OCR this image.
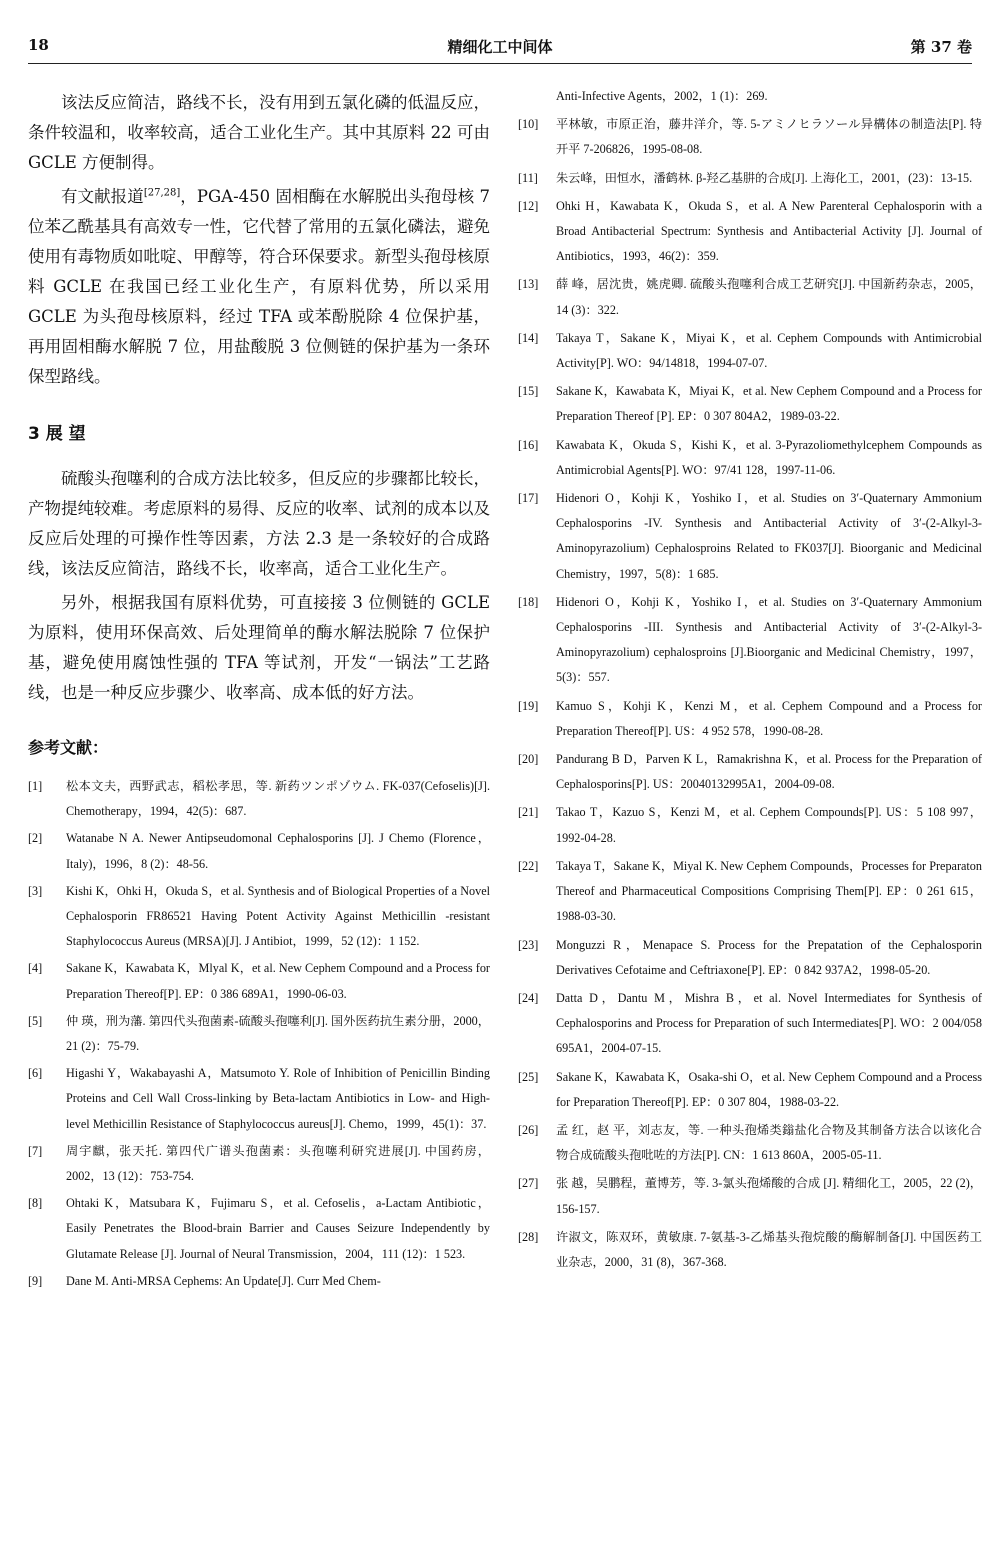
18	精细化工中间体	第 37 卷

该法反应简洁，路线不长，没有用到五氯化磷的低温反应，条件较温和，收率较高，适合工业化生产。其中其原料 22 可由 GCLE 方便制得。

有文献报道[27,28]，PGA-450 固相酶在水解脱出头孢母核 7 位苯乙酰基具有高效专一性，它代替了常用的五氯化磷法，避免使用有毒物质如吡啶、甲醇等，符合环保要求。新型头孢母核原料 GCLE 在我国已经工业化生产，有原料优势，所以采用 GCLE 为头孢母核原料，经过 TFA 或苯酚脱除 4 位保护基，再用固相酶水解脱 7 位，用盐酸脱 3 位侧链的保护基为一条环保型路线。

3 展 望

硫酸头孢噻利的合成方法比较多，但反应的步骤都比较长，产物提纯较难。考虑原料的易得、反应的收率、试剂的成本以及反应后处理的可操作性等因素，方法 2.3 是一条较好的合成路线，该法反应简洁，路线不长，收率高，适合工业化生产。

另外，根据我国有原料优势，可直接接 3 位侧链的 GCLE 为原料，使用环保高效、后处理简单的酶水解法脱除 7 位保护基，避免使用腐蚀性强的 TFA 等试剂，开发“一锅法”工艺路线，也是一种反应步骤少、收率高、成本低的好方法。

参考文献：

[1]	松本文夫，西野武志，稻松孝思，等. 新药ツンポゾウム. FK-037(Cefoselis)[J]. Chemotherapy，1994，42(5)：687.

[2]	Watanabe N A. Newer Antipseudomonal Cephalosporins [J]. J Chemo (Florence，Italy)，1996，8 (2)：48-56.

[3]	Kishi K，Ohki H，Okuda S，et al. Synthesis and of Biological Properties of a Novel Cephalosporin FR86521 Having Potent Activity Against Methicillin -resistant Staphylococcus Aureus (MRSA)[J]. J Antibiot，1999，52 (12)：1 152.

[4]	Sakane K，Kawabata K，Mlyal K，et al. New Cephem Compound and a Process for Preparation Thereof[P]. EP：0 386 689A1，1990-06-03.

[5]	仲 瑛，刑为藩. 第四代头孢菌素-硫酸头孢噻利[J]. 国外医药抗生素分册，2000，21 (2)：75-79.

[6]	Higashi Y，Wakabayashi A，Matsumoto Y. Role of Inhibition of Penicillin Binding Proteins and Cell Wall Cross-linking by Beta-lactam Antibiotics in Low- and High-level Methicillin Resistance of Staphylococcus aureus[J]. Chemo，1999，45(1)：37.

[7]	周宇麒，张天托. 第四代广谱头孢菌素：头孢噻利研究进展[J]. 中国药房，2002，13 (12)：753-754.

[8]	Ohtaki K，Matsubara K，Fujimaru S，et al. Cefoselis，a-Lactam Antibiotic，Easily Penetrates the Blood-brain Barrier and Causes Seizure Independently by Glutamate Release [J]. Journal of Neural Transmission，2004，111 (12)：1 523.

[9]	Dane M. Anti-MRSA Cephems: An Update[J]. Curr Med Chem-

Anti-Infective Agents，2002，1 (1)：269.

[10]	平林敏，市原正治，藤井洋介，等. 5-アミノヒラソール异構体の制造法[P]. 特开平 7-206826，1995-08-08.

[11]	朱云峰，田恒水，潘鹤林. β-羟乙基肼的合成[J]. 上海化工，2001，(23)：13-15.

[12]	Ohki H，Kawabata K，Okuda S，et al. A New Parenteral Cephalosporin with a Broad Antibacterial Spectrum: Synthesis and Antibacterial Activity [J]. Journal of Antibiotics，1993，46(2)：359.

[13]	薛 峰，居沈贵，姚虎卿. 硫酸头孢噻利合成工艺研究[J]. 中国新药杂志，2005，14 (3)：322.

[14]	Takaya T，Sakane K，Miyai K，et al. Cephem Compounds with Antimicrobial Activity[P]. WO：94/14818，1994-07-07.

[15]	Sakane K，Kawabata K，Miyai K，et al. New Cephem Compound and a Process for Preparation Thereof [P]. EP：0 307 804A2，1989-03-22.

[16]	Kawabata K，Okuda S，Kishi K，et al. 3-Pyrazoliomethylcephem Compounds as Antimicrobial Agents[P]. WO：97/41 128，1997-11-06.

[17]	Hidenori O，Kohji K，Yoshiko I，et al. Studies on 3′-Quaternary Ammonium Cephalosporins -IV. Synthesis and Antibacterial Activity of 3′-(2-Alkyl-3-Aminopyrazolium) Cephalosproins Related to FK037[J]. Bioorganic and Medicinal Chemistry，1997，5(8)：1 685.

[18]	Hidenori O，Kohji K，Yoshiko I，et al. Studies on 3′-Quaternary Ammonium Cephalosporins -III. Synthesis and Antibacterial Activity of 3′-(2-Alkyl-3-Aminopyrazolium) cephalosproins [J].Bioorganic and Medicinal Chemistry，1997，5(3)：557.

[19]	Kamuo S，Kohji K，Kenzi M，et al. Cephem Compound and a Process for Preparation Thereof[P]. US：4 952 578，1990-08-28.

[20]	Pandurang B D，Parven K L，Ramakrishna K，et al. Process for the Preparation of Cephalosporins[P]. US：20040132995A1，2004-09-08.

[21]	Takao T，Kazuo S，Kenzi M，et al. Cephem Compounds[P]. US：5 108 997，1992-04-28.

[22]	Takaya T，Sakane K，Miyal K. New Cephem Compounds，Processes for Preparaton Thereof and Pharmaceutical Compositions Comprising Them[P]. EP：0 261 615，1988-03-30.

[23]	Monguzzi R，Menapace S. Process for the Prepatation of the Cephalosporin Derivatives Cefotaime and Ceftriaxone[P]. EP：0 842 937A2，1998-05-20.

[24]	Datta D，Dantu M，Mishra B，et al. Novel Intermediates for Synthesis of Cephalosporins and Process for Preparation of such Intermediates[P]. WO：2 004/058 695A1，2004-07-15.

[25]	Sakane K，Kawabata K，Osaka-shi O，et al. New Cephem Compound and a Process for Preparation Thereof[P]. EP：0 307 804，1988-03-22.

[26]	孟 红，赵 平，刘志友，等. 一种头孢烯类鎓盐化合物及其制备方法合以该化合物合成硫酸头孢吡咗的方法[P]. CN：1 613 860A，2005-05-11.

[27]	张 越，吴鹏程，董博芳，等. 3-氯头孢烯酸的合成 [J]. 精细化工，2005，22 (2)，156-157.

[28]	许淑文，陈双环，黄敏康. 7-氨基-3-乙烯基头孢烷酸的酶解制备[J]. 中国医药工业杂志，2000，31 (8)，367-368.
